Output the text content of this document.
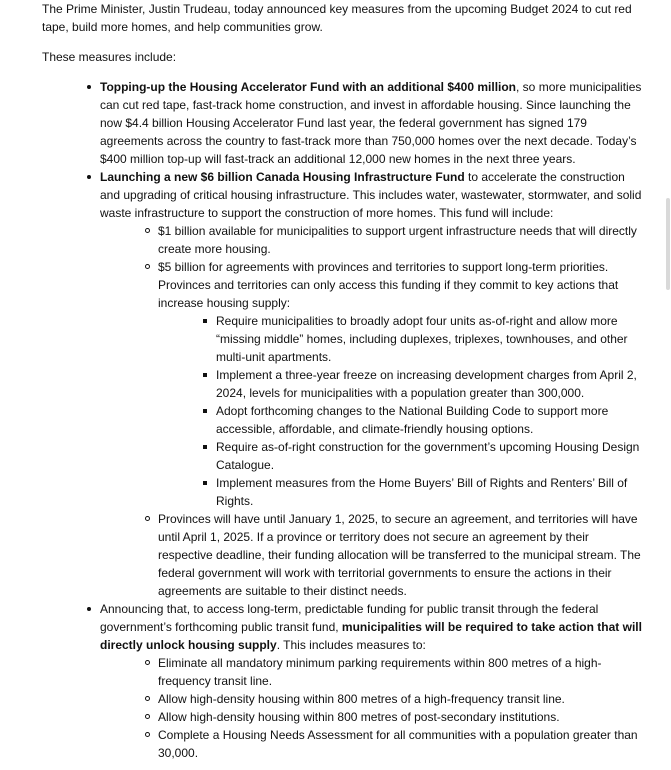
The Prime Minister, Justin Trudeau, today announced key measures from the upcoming Budget 2024 to cut red tape, build more homes, and help communities grow.

These measures include:

Topping-up the Housing Accelerator Fund with an additional $400 million, so more municipalities can cut red tape, fast-track home construction, and invest in affordable housing. Since launching the now $4.4 billion Housing Accelerator Fund last year, the federal government has signed 179 agreements across the country to fast-track more than 750,000 homes over the next decade. Today’s $400 million top-up will fast-track an additional 12,000 new homes in the next three years.
Launching a new $6 billion Canada Housing Infrastructure Fund to accelerate the construction and upgrading of critical housing infrastructure. This includes water, wastewater, stormwater, and solid waste infrastructure to support the construction of more homes. This fund will include:
$1 billion available for municipalities to support urgent infrastructure needs that will directly create more housing.
$5 billion for agreements with provinces and territories to support long-term priorities. Provinces and territories can only access this funding if they commit to key actions that increase housing supply:
Require municipalities to broadly adopt four units as-of-right and allow more “missing middle” homes, including duplexes, triplexes, townhouses, and other multi-unit apartments.
Implement a three-year freeze on increasing development charges from April 2, 2024, levels for municipalities with a population greater than 300,000.
Adopt forthcoming changes to the National Building Code to support more accessible, affordable, and climate-friendly housing options.
Require as-of-right construction for the government’s upcoming Housing Design Catalogue.
Implement measures from the Home Buyers’ Bill of Rights and Renters’ Bill of Rights.
Provinces will have until January 1, 2025, to secure an agreement, and territories will have until April 1, 2025. If a province or territory does not secure an agreement by their respective deadline, their funding allocation will be transferred to the municipal stream. The federal government will work with territorial governments to ensure the actions in their agreements are suitable to their distinct needs.
Announcing that, to access long-term, predictable funding for public transit through the federal government’s forthcoming public transit fund, municipalities will be required to take action that will directly unlock housing supply. This includes measures to:
Eliminate all mandatory minimum parking requirements within 800 metres of a high-frequency transit line.
Allow high-density housing within 800 metres of a high-frequency transit line.
Allow high-density housing within 800 metres of post-secondary institutions.
Complete a Housing Needs Assessment for all communities with a population greater than 30,000.
